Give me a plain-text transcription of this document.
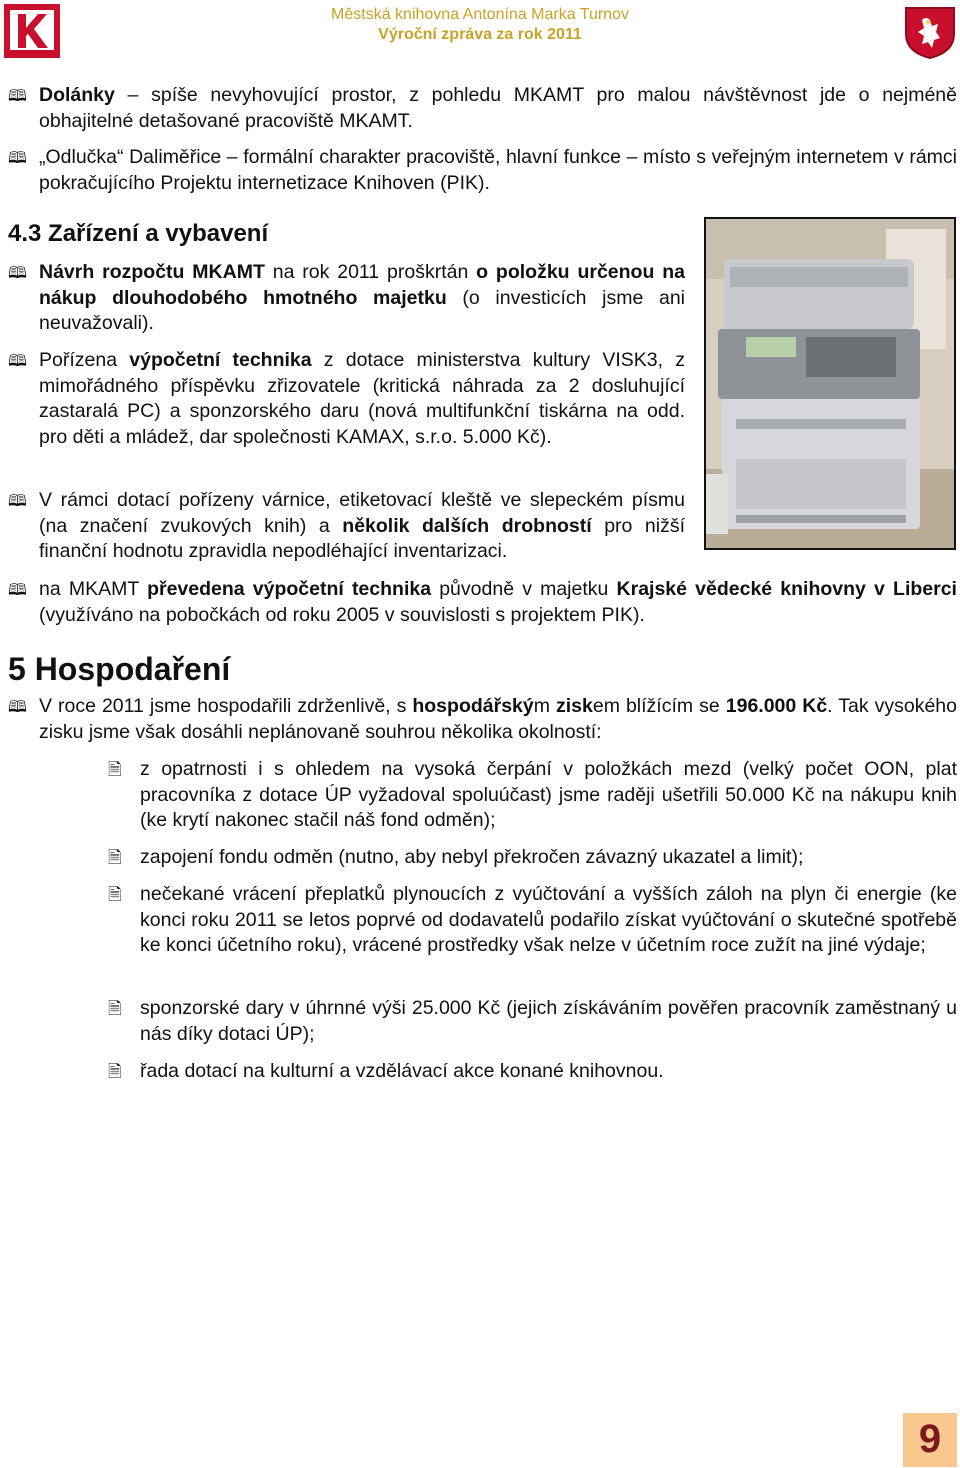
Městská knihovna Antonína Marka Turnov
Výroční zpráva za rok 2011
🕮 Dolánky – spíše nevyhovující prostor, z pohledu MKAMT pro malou návštěvnost jde o nejméně obhajitelné detašované pracoviště MKAMT.
🕮 „Odlučka“ Daliměřice – formální charakter pracoviště, hlavní funkce – místo s veřejným internetem v rámci pokračujícího Projektu internetizace Knihoven (PIK).
4.3 Zařízení a vybavení
🕮 Návrh rozpočtu MKAMT na rok 2011 proškrtán o položku určenou na nákup dlouhodobého hmotného majetku (o investicích jsme ani neuvažovali).
🕮 Pořízena výpočetní technika z dotace ministerstva kultury VISK3, z mimořádného příspěvku zřizovatele (kritická náhrada za 2 dosluhující zastaralá PC) a sponzorského daru (nová multifunkční tiskárna na odd. pro děti a mládež, dar společnosti KAMAX, s.r.o. 5.000 Kč).
🕮 V rámci dotací pořízeny várnice, etiketovací kleště ve slepeckém písmu (na značení zvukových knih) a několik dalších drobností pro nižší finanční hodnotu zpravidla nepodléhající inventarizaci.
🕮 na MKAMT převedena výpočetní technika původně v majetku Krajské vědecké knihovny v Liberci (využíváno na pobočkách od roku 2005 v souvislosti s projektem PIK).
5 Hospodaření
🕮 V roce 2011 jsme hospodařili zdrženlivě, s hospodářským ziskem blížícím se 196.000 Kč. Tak vysokého zisku jsme však dosáhli neplánovaně souhrou několika okolností:
🗎 z opatrnosti i s ohledem na vysoká čerpání v položkách mezd (velký počet OON, plat pracovníka z dotace ÚP vyžadoval spoluúčast) jsme raději ušetřili 50.000 Kč na nákupu knih (ke krytí nakonec stačil náš fond odměn);
🗎 zapojení fondu odměn (nutno, aby nebyl překročen závazný ukazatel a limit);
🗎 nečekané vrácení přeplatků plynoucích z vyúčtování a vyšších záloh na plyn či energie (ke konci roku 2011 se letos poprvé od dodavatelů podařilo získat vyúčtování o skutečné spotřebě ke konci účetního roku), vrácené prostředky však nelze v účetním roce zužít na jiné výdaje;
🗎 sponzorské dary v úhrnné výši 25.000 Kč (jejich získáváním pověřen pracovník zaměstnaný u nás díky dotaci ÚP);
🗎 řada dotací na kulturní a vzdělávací akce konané knihovnou.
9
